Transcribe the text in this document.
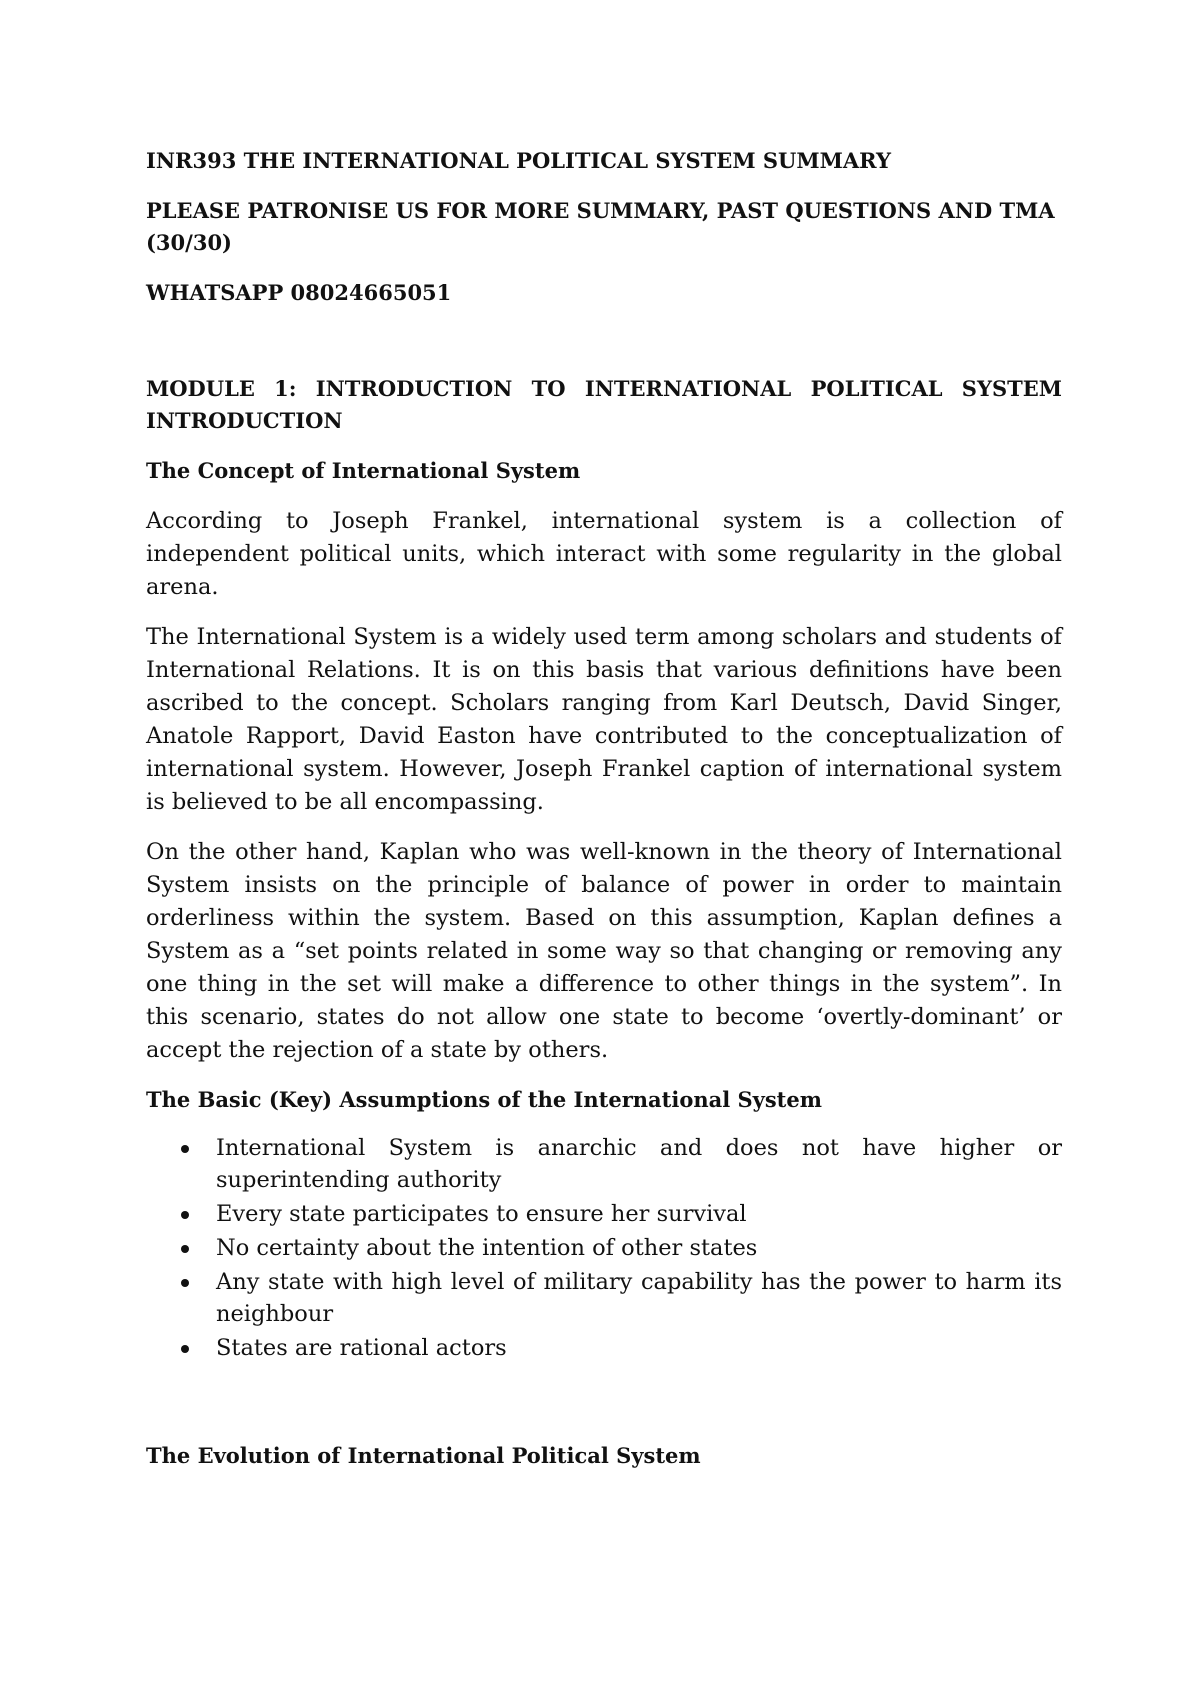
INR393 THE INTERNATIONAL POLITICAL SYSTEM SUMMARY

PLEASE PATRONISE US FOR MORE SUMMARY, PAST QUESTIONS AND TMA (30/30)

WHATSAPP 08024665051

MODULE 1: INTRODUCTION TO INTERNATIONAL POLITICAL SYSTEM INTRODUCTION

The Concept of International System

According to Joseph Frankel, international system is a collection of independent political units, which interact with some regularity in the global arena.

The International System is a widely used term among scholars and students of International Relations. It is on this basis that various definitions have been ascribed to the concept. Scholars ranging from Karl Deutsch, David Singer, Anatole Rapport, David Easton have contributed to the conceptualization of international system. However, Joseph Frankel caption of international system is believed to be all encompassing.

On the other hand, Kaplan who was well-known in the theory of International System insists on the principle of balance of power in order to maintain orderliness within the system. Based on this assumption, Kaplan defines a System as a “set points related in some way so that changing or removing any one thing in the set will make a difference to other things in the system”. In this scenario, states do not allow one state to become ‘overtly-dominant’ or accept the rejection of a state by others.

The Basic (Key) Assumptions of the International System

International System is anarchic and does not have higher or superintending authority
Every state participates to ensure her survival
No certainty about the intention of other states
Any state with high level of military capability has the power to harm its neighbour
States are rational actors

The Evolution of International Political System
